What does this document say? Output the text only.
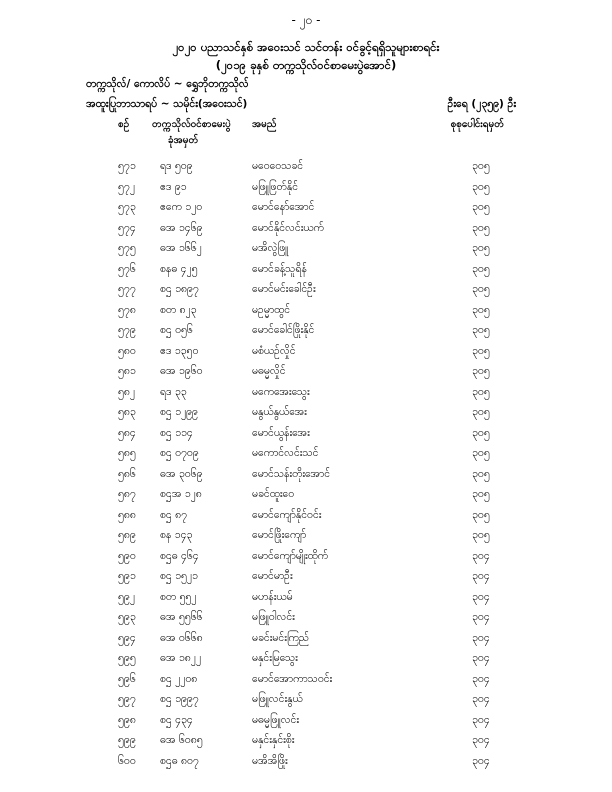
- ၂၀ -
၂၀၂၀ ပညာသင်နှစ် အဝေးသင် သင်တန်း ဝင်ခွင့်ရရှိသူများစာရင်း
(၂၀၁၉ ခုနှစ် တက္ကသိုလ်ဝင်စာမေးပွဲအောင်)
တက္ကသိုလ်/ ကောလိပ် ~ ရွှေဘိုတက္ကသိုလ်
အထူးပြုဘာသာရပ် ~ သမိုင်း(အဝေးသင်)	ဦးရေ (၂၃၅၉) ဦး
စဉ် တက္ကသိုလ်ဝင်စာမေးပွဲ
ခုံအမှတ်
အမည်	စုစုပေါင်းရမှတ်
၅၇၁ ရဒ ၅၀၉	မဝေဝေသခင်	၃၀၅
၅၇၂ ဧဒ ၉၁	မဖြူဖြတ်နိုင်	၃၀၅
၅၇၃ ဧကေ ၁၂၀	မောင်နော်အောင်	၃၀၅
၅၇၄ ဓအ ၁၄၆၉	မောင်နိုင်လင်းယက်	၃၀၅
၅၇၅ ဓအ ၁၆၆၂	မအိလွဲဖြူ	၃၀၅
၅၇၆ စနဓ ၄၂၅	မောင်ခန့်သူရိန်	၃၀၅
၅၇၇ စဌ ၁၈၉၇	မောင်မင်းခေါင်ဦး	၃၀၅
၅၇၈ စတ ၈၂၃	မဥမ္မာထွင်	၃၀၅
၅၇၉ စဌ ၀၅၆	မောင်ခေါင်ဖြိုးနိုင်	၃၀၅
၅၈၀ ဧဒ ၁၃၅၀	မစံယဉ်လှိုင်	၃၀၅
၅၈၁ ဓအ ၁၉၆၀	မဓမ္မလှိုင်	၃၀၅
၅၈၂ ရဒ ၃၃	မကေအေးသွေး	၃၀၅
၅၈၃ စဌ ၁၂၉၉	မနွယ်နွယ်အေး	၃၀၅
၅၈၄ စဌ ၁၁၄	မောင်ယွန်းအေး	၃၀၅
၅၈၅ စဌ ၀၇၀၉	မကောင်လင်းသင်	၃၀၅
၅၈၆ ဓအ ၃၀၆၉	မောင်သန်းတိုးအောင်	၃၀၅
၅၈၇ စဌအ ၁၂၈	မခင်ထူးဝေ	၃၀၅
၅၈၈ စဌ ၈၇	မောင်ကျော်နိုင်ဝင်း	၃၀၅
၅၈၉ စန ၁၄၃	မောင်ဖြိုးကျော်	၃၀၅
၅၉၀ စဌဓ ၄၆၄	မောင်ကျော်မျိုးထိုက်	၃၀၄
၅၉၁ စဌ ၁၅၂၁	မောင်မာဦး	၃၀၄
၅၉၂ စတ ၅၅၂	မဟန်းယမ်	၃၀၄
၅၉၃ ဓအ ၅၅၆၆	မဖြူဝါလင်း	၃၀၄
၅၉၄ ဓအ ၀၆၆၈	မခင်းမင်းကြည်	၃၀၄
၅၉၅ ဓအ ၁၈၂၂	မနှင်းမြသွေး	၃၀၄
၅၉၆ စဌ ၂၂၀၈	မောင်အောကာသဝင်း	၃၀၄
၅၉၇ စဌ ၁၉၉၇	မဖြူလင်းနွယ်	၃၀၄
၅၉၈ စဌ ၄၃၄	မဓမ္မဖြူလင်း	၃၀၄
၅၉၉ ဓအ ၆၀၈၅	မနှင်းနှင်းစိုး	၃၀၄
၆၀၀ စဌဓ ၈၀၇	မအိအိဖြိုး	၃၀၄
